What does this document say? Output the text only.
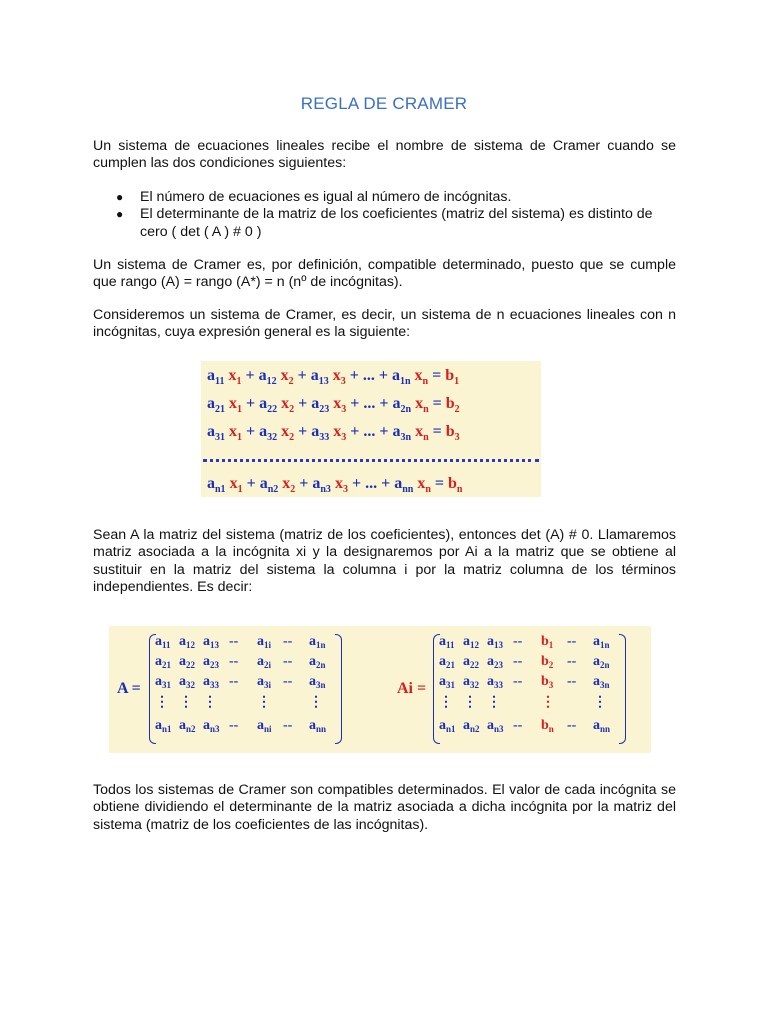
REGLA DE CRAMER
Un sistema de ecuaciones lineales recibe el nombre de sistema de Cramer cuando se cumplen las dos condiciones siguientes:
● El número de ecuaciones es igual al número de incógnitas.
● El determinante de la matriz de los coeficientes (matriz del sistema) es distinto de cero ( det ( A ) # 0 )
Un sistema de Cramer es, por definición, compatible determinado, puesto que se cumple que rango (A) = rango (A*) = n (nº de incógnitas).
Consideremos un sistema de Cramer, es decir, un sistema de n ecuaciones lineales con n incógnitas, cuya expresión general es la siguiente:
$a_{11}$ $x_1 + a_{12}$ $x_2 + a_{13}$ $x_3$ + ... + $a_{1n}$ $x_n = b_1$
$a_{21}$ $x_1 + a_{22}$ $x_2 + a_{23}$ $x_3$ + ... + $a_{2n}$ $x_n = b_2$
$a_{31}$ $x_1 + a_{32}$ $x_2 + a_{33}$ $x_3$ + ... + $a_{3n}$ $x_n = b_3$
$a_{n1}$ $x_1 + a_{n2}$ $x_2 + a_{n3}$ $x_3$ + ... + $a_{nn}$ $x_n = b_n$
Sean A la matriz del sistema (matriz de los coeficientes), entonces det (A) # 0. Llamaremos matriz asociada a la incógnita xi y la designaremos por Ai a la matriz que se obtiene al sustituir en la matriz del sistema la columna i por la matriz columna de los términos independientes. Es decir:
A =	Ai =
$a_{11}$ $a_{12}$ $a_{13} -- a_{1i} -- a_{1n}$
$a_{21}$ $a_{22}$ $a_{23} -- a_{2i} -- a_{2n}$
$a_{31}$ $a_{32}$ $a_{33} -- a_{3i} -- a_{3n}$
⋮ ⋮ ⋮	⋮	⋮
$a_{n1}$ $a_{n2}$ $a_{n3} -- a_{ni} -- a_{nn}$
$a_{11}$ $a_{12}$ $a_{13} -- b_1 -- a_{1n}$
$a_{21}$ $a_{22}$ $a_{23} -- b_2 -- a_{2n}$
$a_{31}$ $a_{32}$ $a_{33} -- b_3 -- a_{3n}$
⋮ ⋮ ⋮	⋮	⋮
$a_{n1}$ $a_{n2}$ $a_{n3} -- b_n -- a_{nn}$
Todos los sistemas de Cramer son compatibles determinados. El valor de cada incógnita se obtiene dividiendo el determinante de la matriz asociada a dicha incógnita por la matriz del sistema (matriz de los coeficientes de las incógnitas).
